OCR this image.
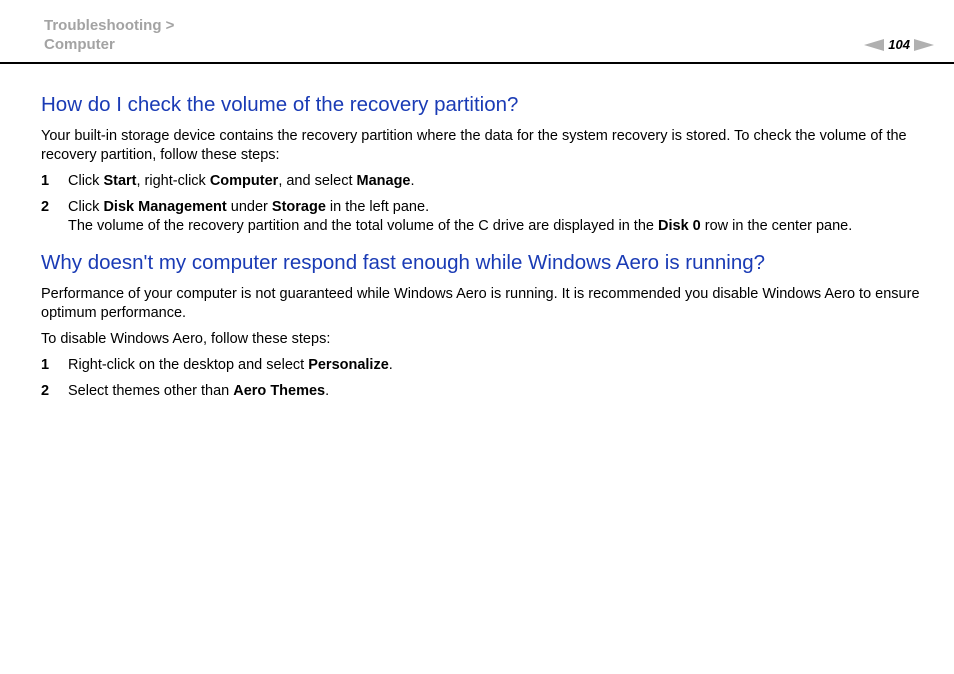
Troubleshooting >
Computer	104
How do I check the volume of the recovery partition?

Your built-in storage device contains the recovery partition where the data for the system recovery is stored. To check the volume of the recovery partition, follow these steps:

1	Click Start, right-click Computer, and select Manage.
2	Click Disk Management under Storage in the left pane.
The volume of the recovery partition and the total volume of the C drive are displayed in the Disk 0 row in the center pane.
Why doesn't my computer respond fast enough while Windows Aero is running?

Performance of your computer is not guaranteed while Windows Aero is running. It is recommended you disable Windows Aero to ensure optimum performance.

To disable Windows Aero, follow these steps:

1	Right-click on the desktop and select Personalize.
2	Select themes other than Aero Themes.
